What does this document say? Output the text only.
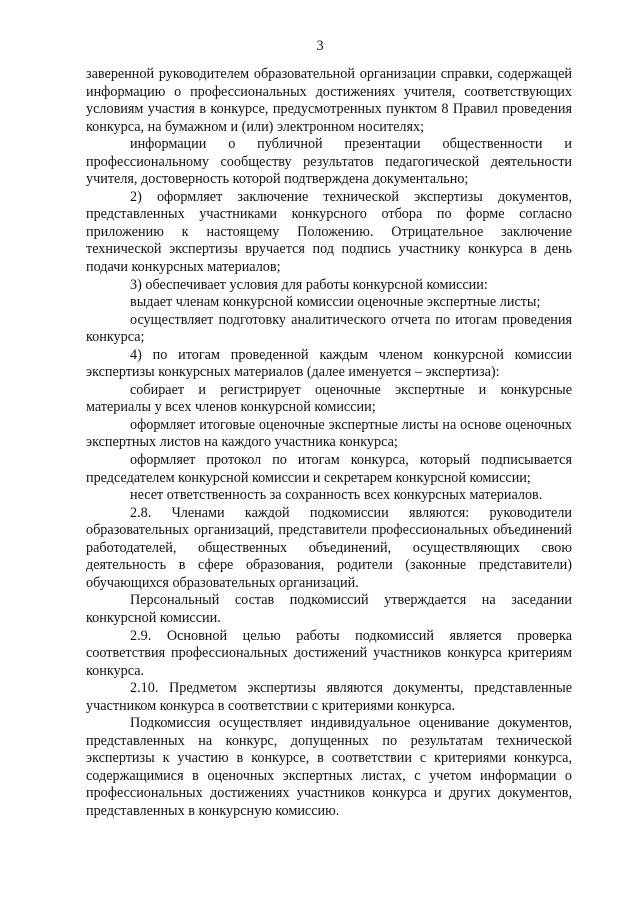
3

заверенной руководителем образовательной организации справки, содержащей информацию о профессиональных достижениях учителя, соответствующих условиям участия в конкурсе, предусмотренных пунктом 8 Правил проведения конкурса, на бумажном и (или) электронном носителях;

информации о публичной презентации общественности и профессиональному сообществу результатов педагогической деятельности учителя, достоверность которой подтверждена документально;

2) оформляет заключение технической экспертизы документов, представленных участниками конкурсного отбора по форме согласно приложению к настоящему Положению. Отрицательное заключение технической экспертизы вручается под подпись участнику конкурса в день подачи конкурсных материалов;

3) обеспечивает условия для работы конкурсной комиссии:

выдает членам конкурсной комиссии оценочные экспертные листы;

осуществляет подготовку аналитического отчета по итогам проведения конкурса;

4) по итогам проведенной каждым членом конкурсной комиссии экспертизы конкурсных материалов (далее именуется – экспертиза):

собирает и регистрирует оценочные экспертные и конкурсные материалы у всех членов конкурсной комиссии;

оформляет итоговые оценочные экспертные листы на основе оценочных экспертных листов на каждого участника конкурса;

оформляет протокол по итогам конкурса, который подписывается председателем конкурсной комиссии и секретарем конкурсной комиссии;

несет ответственность за сохранность всех конкурсных материалов.

2.8. Членами каждой подкомиссии являются: руководители образовательных организаций, представители профессиональных объединений работодателей, общественных объединений, осуществляющих свою деятельность в сфере образования, родители (законные представители) обучающихся образовательных организаций.

Персональный состав подкомиссий утверждается на заседании конкурсной комиссии.

2.9. Основной целью работы подкомиссий является проверка соответствия профессиональных достижений участников конкурса критериям конкурса.

2.10. Предметом экспертизы являются документы, представленные участником конкурса в соответствии с критериями конкурса.

Подкомиссия осуществляет индивидуальное оценивание документов, представленных на конкурс, допущенных по результатам технической экспертизы к участию в конкурсе, в соответствии с критериями конкурса, содержащимися в оценочных экспертных листах, с учетом информации о профессиональных достижениях участников конкурса и других документов, представленных в конкурсную комиссию.
